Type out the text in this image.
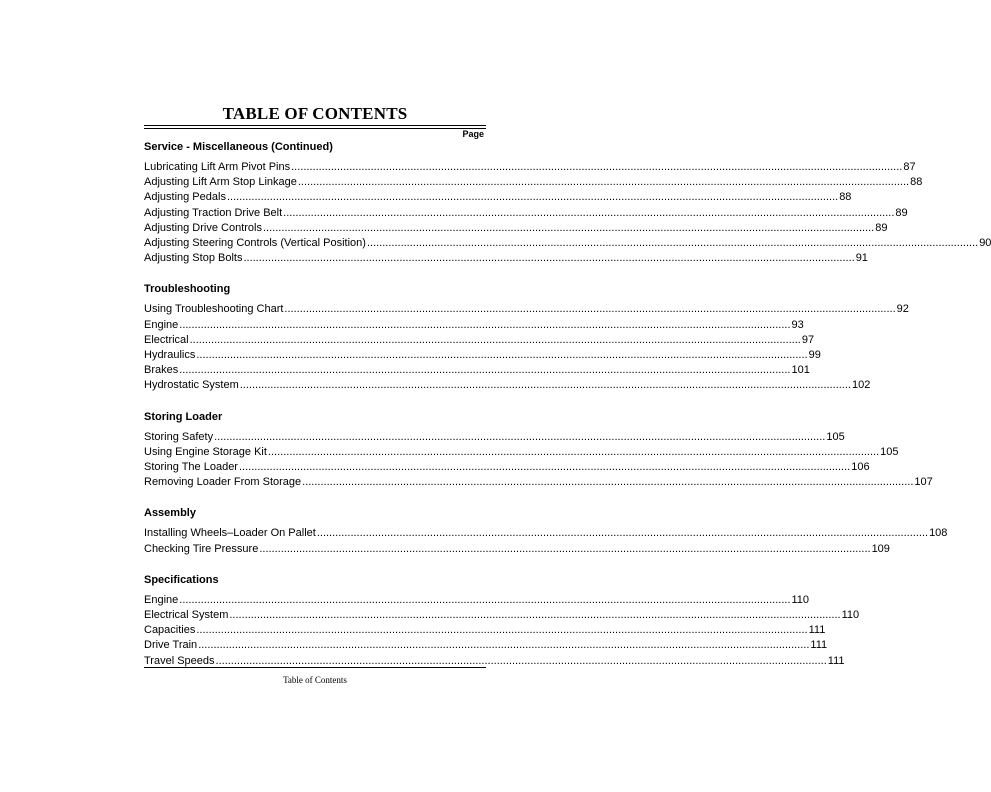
TABLE OF CONTENTS
Page
Service - Miscellaneous (Continued)
Lubricating Lift Arm Pivot Pins ........................................................................................................................................................................................................ 87
Adjusting Lift Arm Stop Linkage ........................................................................................................................................................................................................ 88
Adjusting Pedals ........................................................................................................................................................................................................ 88
Adjusting Traction Drive Belt ........................................................................................................................................................................................................ 89
Adjusting Drive Controls ........................................................................................................................................................................................................ 89
Adjusting Steering Controls (Vertical Position) ........................................................................................................................................................................................................ 90
Adjusting Stop Bolts ........................................................................................................................................................................................................ 91
Troubleshooting
Using Troubleshooting Chart ........................................................................................................................................................................................................ 92
Engine ........................................................................................................................................................................................................ 93
Electrical ........................................................................................................................................................................................................ 97
Hydraulics ........................................................................................................................................................................................................ 99
Brakes ........................................................................................................................................................................................................ 101
Hydrostatic System ........................................................................................................................................................................................................ 102
Storing Loader
Storing Safety ........................................................................................................................................................................................................ 105
Using Engine Storage Kit ........................................................................................................................................................................................................ 105
Storing The Loader ........................................................................................................................................................................................................ 106
Removing Loader From Storage ........................................................................................................................................................................................................ 107
Assembly
Installing Wheels–Loader On Pallet ........................................................................................................................................................................................................ 108
Checking Tire Pressure ........................................................................................................................................................................................................ 109
Specifications
Engine ........................................................................................................................................................................................................ 110
Electrical System ........................................................................................................................................................................................................ 110
Capacities ........................................................................................................................................................................................................ 111
Drive Train ........................................................................................................................................................................................................ 111
Travel Speeds ........................................................................................................................................................................................................ 111
Table of Contents
